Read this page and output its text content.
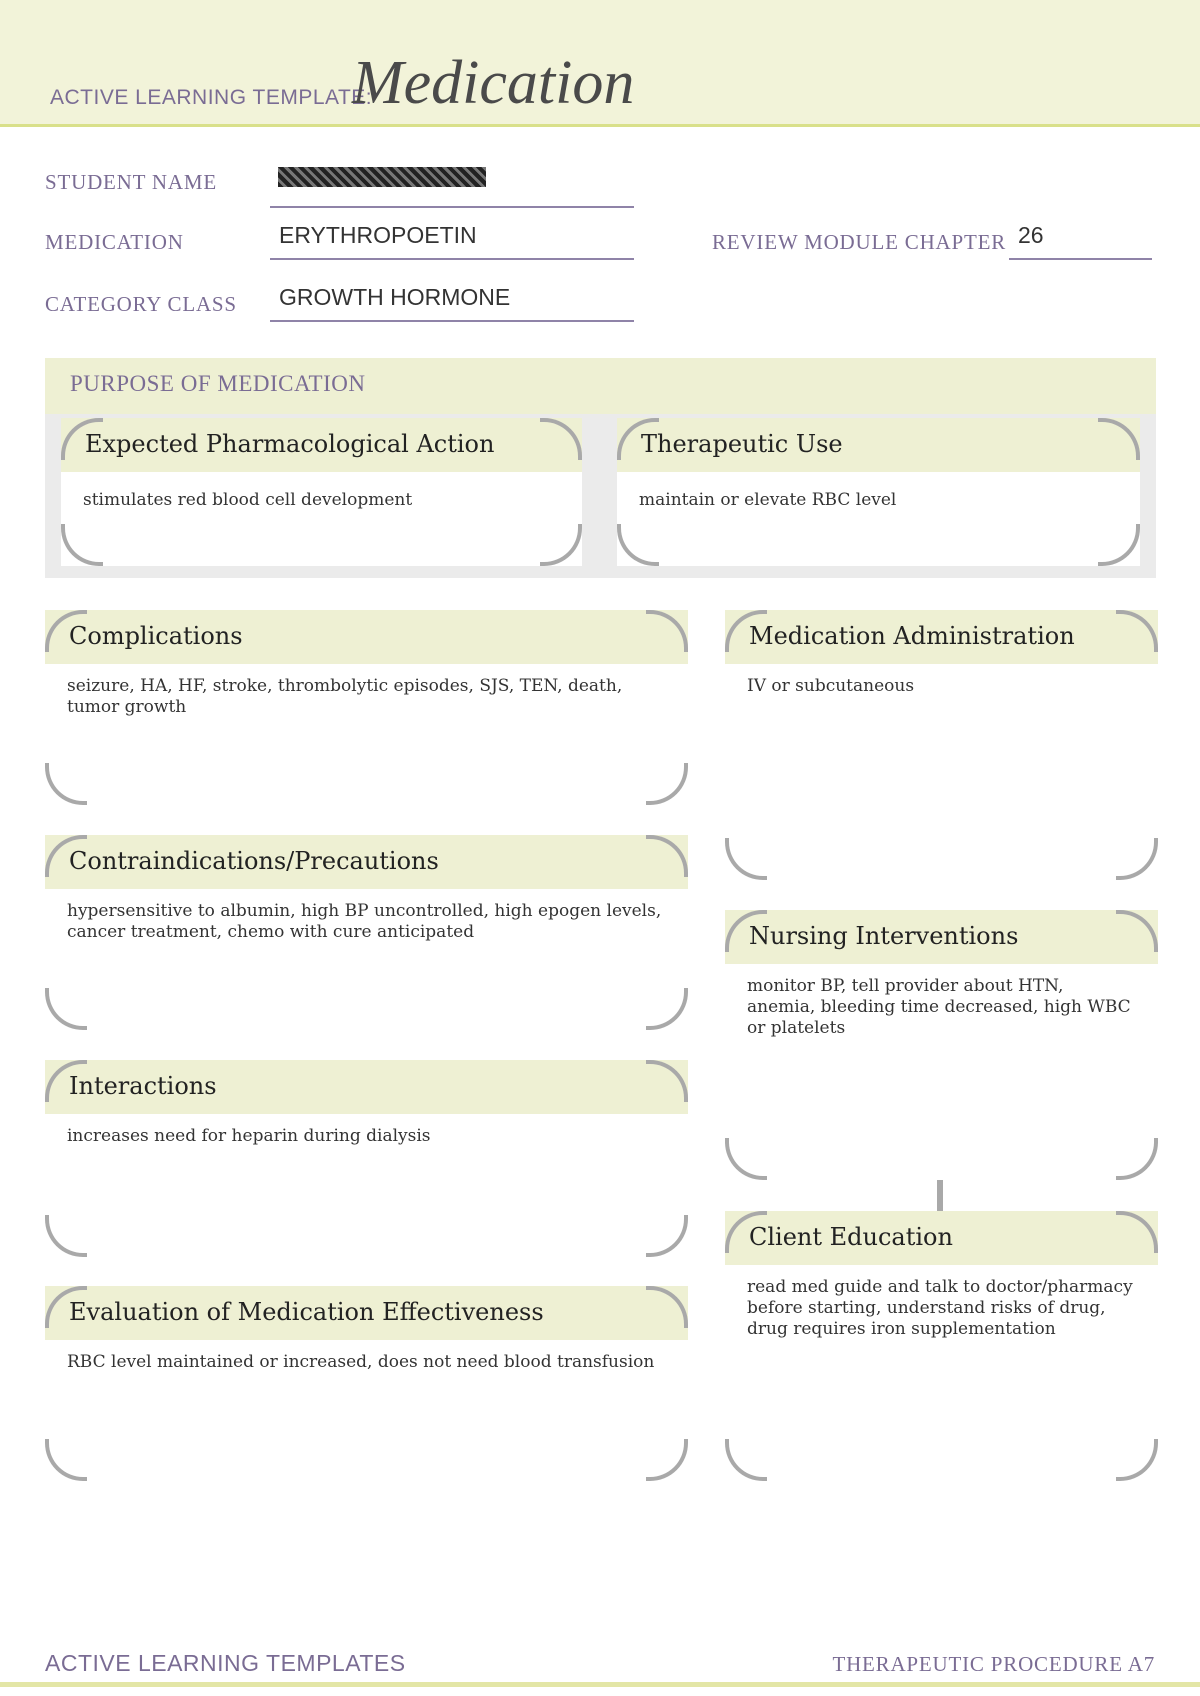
ACTIVE LEARNING TEMPLATE:
Medication
STUDENT NAME
MEDICATION	ERYTHROPOETIN
CATEGORY CLASS	GROWTH HORMONE
REVIEW MODULE CHAPTER 26
PURPOSE OF MEDICATION
Expected Pharmacological Action
stimulates red blood cell development
Therapeutic Use
maintain or elevate RBC level
Complications
seizure, HA, HF, stroke, thrombolytic episodes, SJS, TEN, death, tumor growth
Contraindications/Precautions
hypersensitive to albumin, high BP uncontrolled, high epogen levels, cancer treatment, chemo with cure anticipated
Interactions
increases need for heparin during dialysis
Evaluation of Medication Effectiveness
RBC level maintained or increased, does not need blood transfusion
Medication Administration
IV or subcutaneous
Nursing Interventions
monitor BP, tell provider about HTN, anemia, bleeding time decreased, high WBC or platelets
Client Education
read med guide and talk to doctor/pharmacy before starting, understand risks of drug, drug requires iron supplementation
ACTIVE LEARNING TEMPLATES	THERAPEUTIC PROCEDURE A7
